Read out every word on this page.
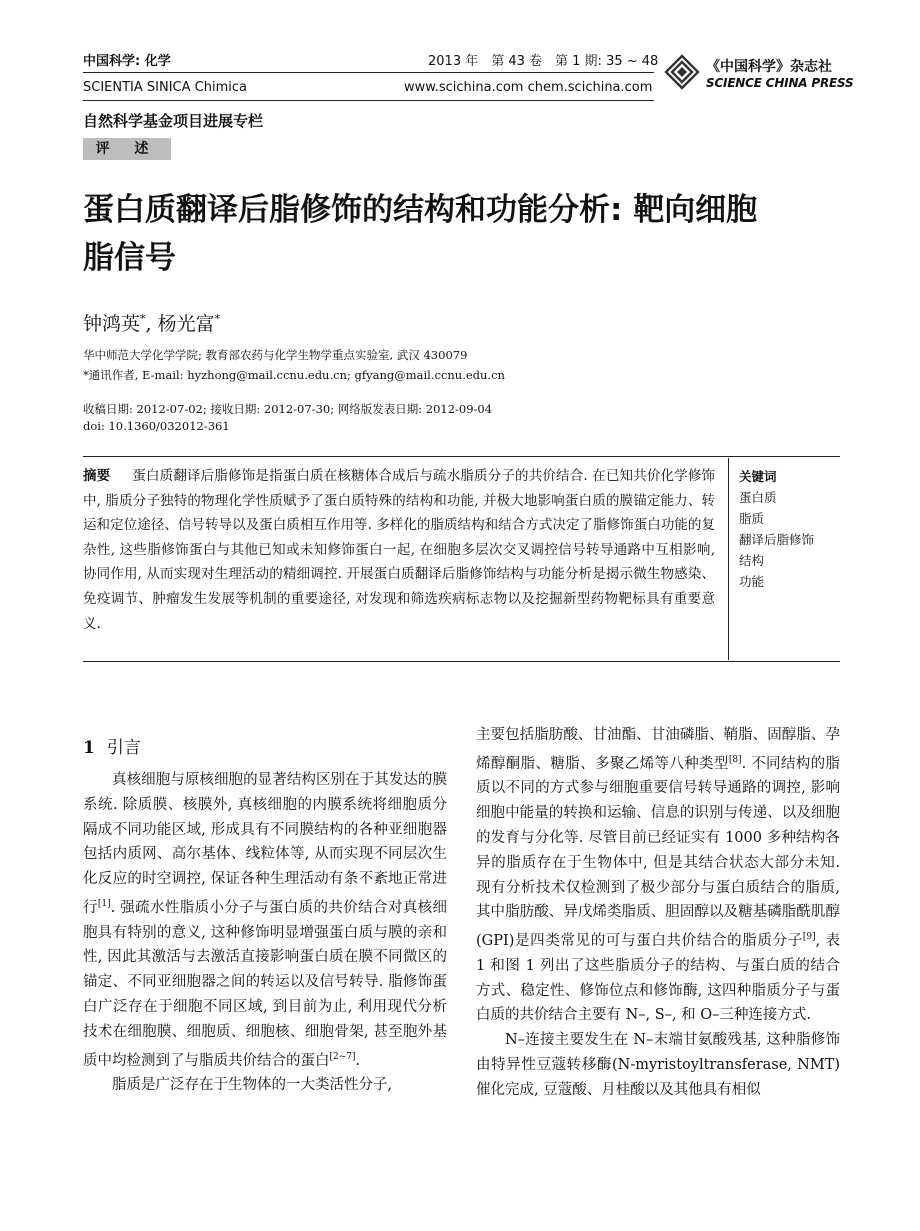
中国科学: 化学	2013 年　第 43 卷　第 1 期: 35 ~ 48
SCIENTIA SINICA Chimica	www.scichina.com chem.scichina.com
《中国科学》杂志社
SCIENCE CHINA PRESS
自然科学基金项目进展专栏
评 述
蛋白质翻译后脂修饰的结构和功能分析: 靶向细胞脂信号
钟鸿英*, 杨光富*
华中师范大学化学学院; 教育部农药与化学生物学重点实验室, 武汉 430079
*通讯作者, E-mail: hyzhong@mail.ccnu.edu.cn; gfyang@mail.ccnu.edu.cn
收稿日期: 2012-07-02; 接收日期: 2012-07-30; 网络版发表日期: 2012-09-04
doi: 10.1360/032012-361
摘要 蛋白质翻译后脂修饰是指蛋白质在核糖体合成后与疏水脂质分子的共价结合. 在已知共价化学修饰中, 脂质分子独特的物理化学性质赋予了蛋白质特殊的结构和功能, 并极大地影响蛋白质的膜锚定能力、转运和定位途径、信号转导以及蛋白质相互作用等. 多样化的脂质结构和结合方式决定了脂修饰蛋白功能的复杂性, 这些脂修饰蛋白与其他已知或未知修饰蛋白一起, 在细胞多层次交叉调控信号转导通路中互相影响, 协同作用, 从而实现对生理活动的精细调控. 开展蛋白质翻译后脂修饰结构与功能分析是揭示微生物感染、免疫调节、肿瘤发生发展等机制的重要途径, 对发现和筛选疾病标志物以及挖掘新型药物靶标具有重要意义.
关键词
蛋白质
脂质
翻译后脂修饰
结构
功能
1 引言

真核细胞与原核细胞的显著结构区别在于其发达的膜系统. 除质膜、核膜外, 真核细胞的内膜系统将细胞质分隔成不同功能区域, 形成具有不同膜结构的各种亚细胞器包括内质网、高尔基体、线粒体等, 从而实现不同层次生化反应的时空调控, 保证各种生理活动有条不紊地正常进行[1]. 强疏水性脂质小分子与蛋白质的共价结合对真核细胞具有特别的意义, 这种修饰明显增强蛋白质与膜的亲和性, 因此其激活与去激活直接影响蛋白质在膜不同微区的锚定、不同亚细胞器之间的转运以及信号转导. 脂修饰蛋白广泛存在于细胞不同区域, 到目前为止, 利用现代分析技术在细胞膜、细胞质、细胞核、细胞骨架, 甚至胞外基质中均检测到了与脂质共价结合的蛋白[2~7].

脂质是广泛存在于生物体的一大类活性分子,

主要包括脂肪酸、甘油酯、甘油磷脂、鞘脂、固醇脂、孕烯醇酮脂、糖脂、多聚乙烯等八种类型[8]. 不同结构的脂质以不同的方式参与细胞重要信号转导通路的调控, 影响细胞中能量的转换和运输、信息的识别与传递、以及细胞的发育与分化等. 尽管目前已经证实有 1000 多种结构各异的脂质存在于生物体中, 但是其结合状态大部分未知. 现有分析技术仅检测到了极少部分与蛋白质结合的脂质, 其中脂肪酸、异戊烯类脂质、胆固醇以及糖基磷脂酰肌醇(GPI)是四类常见的可与蛋白共价结合的脂质分子[9], 表 1 和图 1 列出了这些脂质分子的结构、与蛋白质的结合方式、稳定性、修饰位点和修饰酶, 这四种脂质分子与蛋白质的共价结合主要有 N–, S–, 和 O–三种连接方式.

N–连接主要发生在 N–末端甘氨酸残基, 这种脂修饰由特异性豆蔻转移酶(N-myristoyltransferase, NMT)催化完成, 豆蔻酸、月桂酸以及其他具有相似
